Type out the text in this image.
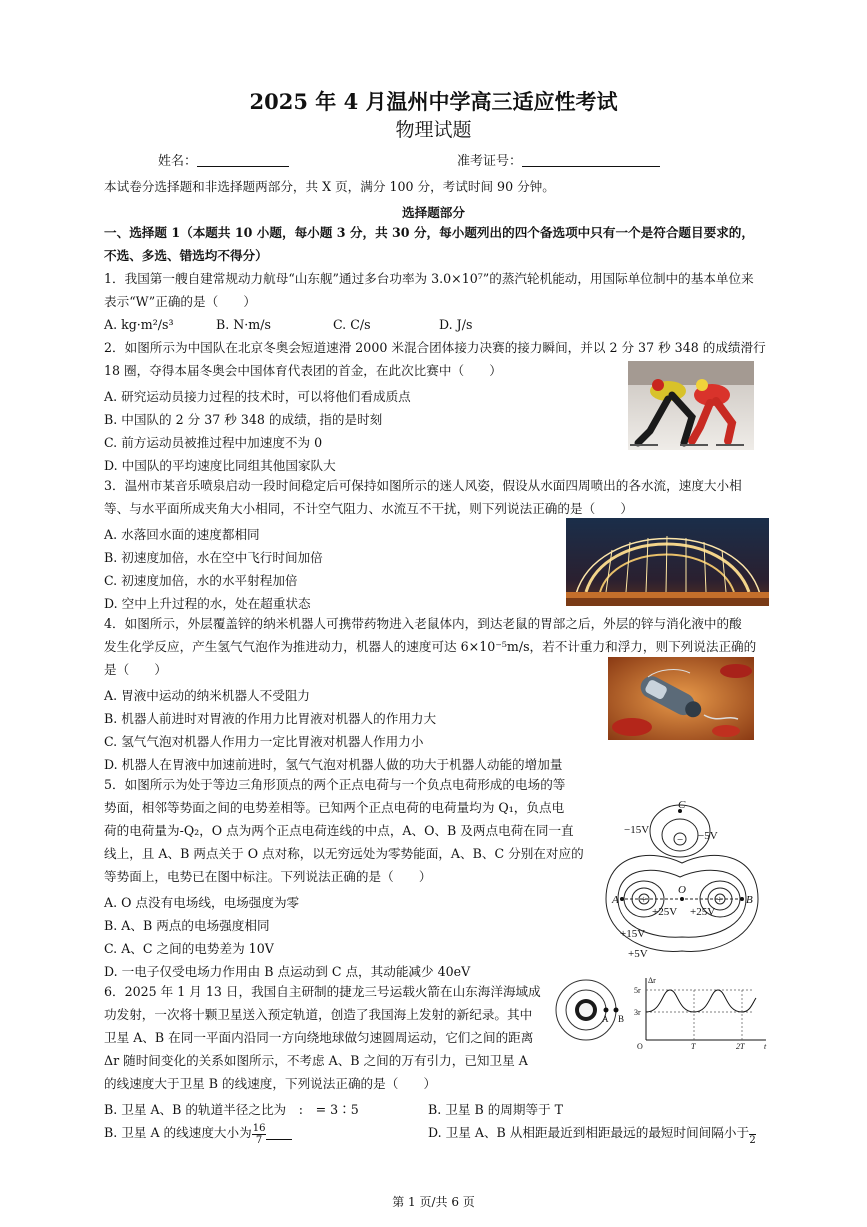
2025 年 4 月温州中学高三适应性考试
物理试题
姓名：	准考证号：
本试卷分选择题和非选择题两部分，共 X 页，满分 100 分，考试时间 90 分钟。
选择题部分
一、选择题 1（本题共 10 小题，每小题 3 分，共 30 分，每小题列出的四个备选项中只有一个是符合题目要求的，
不选、多选、错选均不得分）
1．我国第一艘自建常规动力航母“山东舰”通过多台功率为 3.0×10⁷”的蒸汽轮机能动，用国际单位制中的基本单位来
表示“W”正确的是（　　）
A. kg·m²/s³	B. N·m/s	C. C/s	D. J/s
2．如图所示为中国队在北京冬奥会短道速滑 2000 米混合团体接力决赛的接力瞬间，并以 2 分 37 秒 348 的成绩滑行
18 圈，夺得本届冬奥会中国体育代表团的首金，在此次比赛中（　　）
A. 研究运动员接力过程的技术时，可以将他们看成质点
B. 中国队的 2 分 37 秒 348 的成绩，指的是时刻
C. 前方运动员被推过程中加速度不为 0
D. 中国队的平均速度比同组其他国家队大
3．温州市某音乐喷泉启动一段时间稳定后可保持如图所示的迷人风姿，假设从水面四周喷出的各水流，速度大小相
等、与水平面所成夹角大小相同，不计空气阻力、水流互不干扰，则下列说法正确的是（　　）
A. 水落回水面的速度都相同
B. 初速度加倍，水在空中飞行时间加倍
C. 初速度加倍，水的水平射程加倍
D. 空中上升过程的水，处在超重状态
4．如图所示，外层覆盖锌的纳米机器人可携带药物进入老鼠体内，到达老鼠的胃部之后，外层的锌与消化液中的酸
发生化学反应，产生氢气气泡作为推进动力，机器人的速度可达 6×10⁻⁵m/s，若不计重力和浮力，则下列说法正确的
是（　　）
A. 胃液中运动的纳米机器人不受阻力
B. 机器人前进时对胃液的作用力比胃液对机器人的作用力大
C. 氢气气泡对机器人作用力一定比胃液对机器人作用力小
D. 机器人在胃液中加速前进时，氢气气泡对机器人做的功大于机器人动能的增加量
5．如图所示为处于等边三角形顶点的两个正点电荷与一个负点电荷形成的电场的等
势面，相邻等势面之间的电势差相等。已知两个正点电荷的电荷量均为 Q₁，负点电
荷的电荷量为-Q₂，O 点为两个正点电荷连线的中点，A、O、B 及两点电荷在同一直
线上，且 A、B 两点关于 O 点对称，以无穷远处为零势能面，A、B、C 分别在对应的
等势面上，电势已在图中标注。下列说法正确的是（　　）
A. O 点没有电场线，电场强度为零
B. A、B 两点的电场强度相同
C. A、C 之间的电势差为 10V
D. 一电子仅受电场力作用由 B 点运动到 C 点，其动能减少 40eV
+	+
−
C
−15V	−5V
A	B
O
+25V +25V
+15V
+5V
6．2025 年 1 月 13 日，我国自主研制的捷龙三号运载火箭在山东海洋海域成
功发射，一次将十颗卫星送入预定轨道，创造了我国海上发射的新纪录。其中
卫星 A、B 在同一平面内沿同一方向绕地球做匀速圆周运动，它们之间的距离
Δr 随时间变化的关系如图所示，不考虑 A、B 之间的万有引力，已知卫星 A
的线速度大于卫星 B 的线速度，下列说法正确的是（　　）
B. 卫星 A、B 的轨道半径之比为　:　= 3∶5	B. 卫星 B 的周期等于 T
B. 卫星 A 的线速度大小为 $\frac{16}{7}$	D. 卫星 A、B 从相距最近到相距最远的最短时间间隔小于
2
A B
Δr
5r
3r
O	T	2T t
第 1 页/共 6 页
